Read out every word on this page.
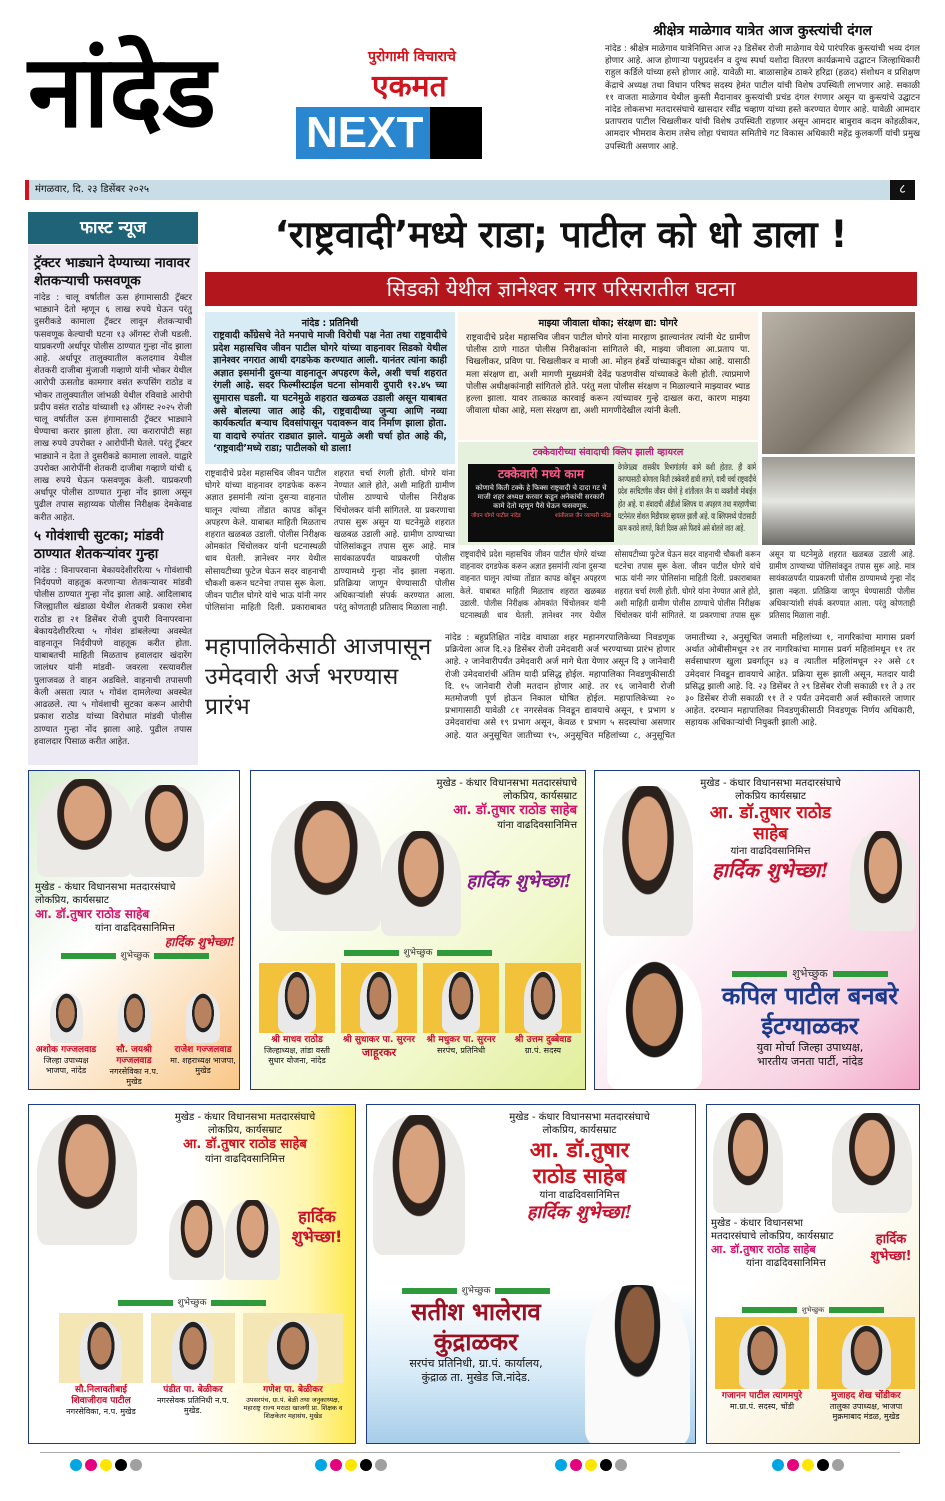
नांदेड	पुरोगामी विचाराचे
एकमत
NEXT
श्रीक्षेत्र माळेगाव यात्रेत आज कुस्त्यांची दंगल

नांदेड : श्रीक्षेत्र माळेगाव यात्रेनिमित्त आज २३ डिसेंबर रोजी माळेगाव येथे पारंपरिक कुस्त्यांची भव्य दंगल होणार आहे. आज होणाऱ्या पशुप्रदर्शन व दुग्ध स्पर्धा यशोदा वितरण कार्यक्रमाचे उद्घाटन जिल्हाधिकारी राहुल कर्डिले यांच्या हस्ते होणार आहे. यावेळी मा. बाळासाहेब ठाकरे हरिद्रा (हळद) संशोधन व प्रशिक्षण केंद्राचे अध्यक्ष तथा विधान परिषद सदस्य हेमंत पाटील यांची विशेष उपस्थिती लाभणार आहे. सकाळी ११ वाजता माळेगाव येथील कुस्ती मैदानावर कुस्त्यांची प्रचंड दंगल रंगणार असून या कुस्त्यांचे उद्घाटन नांदेड लोकसभा मतदारसंघाचे खासदार रवींद्र चव्हाण यांच्या हस्ते करण्यात येणार आहे. यावेळी आमदार प्रतापराव पाटील चिखलीकर यांची विशेष उपस्थिती राहणार असून आमदार बाबुराव कदम कोहळीकर, आमदार भीमराव केराम तसेच लोहा पंचायत समितीचे गट विकास अधिकारी महेंद्र कुलकर्णी यांची प्रमुख उपस्थिती असणार आहे.

मंगळवार, दि. २३ डिसेंबर २०२५	८
फास्ट न्यूज
ट्रॅक्टर भाड्याने देण्याच्या नावावर शेतकऱ्याची फसवणूक

नांदेड : चालू वर्षातील ऊस हंगामासाठी ट्रॅक्टर भाड्याने देतो म्हणून ६ लाख रुपये घेऊन परंतु दुसरीकडे कामाला ट्रॅक्टर लावून शेतकऱ्याची फसवणूक केल्याची घटना १३ ऑगस्ट रोजी घडली. याप्रकरणी अर्धापूर पोलीस ठाण्यात गुन्हा नोंद झाला आहे. अर्धापूर तालुक्यातील कलदगाव येथील शेतकरी दाजीबा मुंजाजी गव्हाणे यांनी भोकर येथील आरोपी ऊसतोड कामगार वसंत रूपसिंग राठोड व भोकर तालुक्यातील जांभळी येथील रविवाडे आरोपी प्रदीप वसंत राठोड यांच्याशी १३ ऑगस्ट २०२५ रोजी चालू वर्षातील ऊस हंगामासाठी ट्रॅक्टर भाड्याने घेण्याचा करार झाला होता. त्या करारापोटी सहा लाख रुपये उपरोक्त २ आरोपींनी घेतले. परंतु ट्रॅक्टर भाड्याने न देता ते दुसरीकडे कामाला लावले. याद्वारे उपरोक्त आरोपींनी शेतकरी दाजीबा गव्हाणे यांची ६ लाख रुपये घेऊन फसवणूक केली. याप्रकरणी अर्धापूर पोलीस ठाण्यात गुन्हा नोंद झाला असून पुढील तपास सहाय्यक पोलीस निरीक्षक देमकेवाड करीत आहेत.

५ गोवंशाची सुटका; मांडवी ठाण्यात शेतकऱ्यांवर गुन्हा

नांदेड : विनापरवाना बेकायदेशीररित्या ५ गोवंशाची निर्दयपणे वाहतूक करणाऱ्या शेतकऱ्यावर मांडवी पोलीस ठाण्यात गुन्हा नोंद झाला आहे. आदिलाबाद जिल्ह्यातील खंडाळा येथील शेतकरी प्रकाश रमेश राठोड हा २१ डिसेंबर रोजी दुपारी विनापरवाना बेकायदेशीररित्या ५ गोवंश डांबलेल्या अवस्थेत वाहनातून निर्दयीपणे वाहतूक करीत होता. याबाबतची माहिती मिळताच हवालदार खंदारेंग जालंधर यांनी मांडवी- जवरला रस्त्यावरील पुलाजवळ ते वाहन अडविले. वाहनाची तपासणी केली असता त्यात ५ गोवंश दामलेल्या अवस्थेत आढळले. त्या ५ गोवंशाची सुटका करून आरोपी प्रकाश राठोड यांच्या विरोधात मांडवी पोलीस ठाण्यात गुन्हा नोंद झाला आहे. पुढील तपास हवालदार पिसाळ करीत आहेत.

‘राष्ट्रवादी’मध्ये राडा; पाटील को धो डाला !
सिडको येथील ज्ञानेश्वर नगर परिसरातील घटना
नांदेड : प्रतिनिधी

राष्ट्रवादी काँग्रेसचे नेते मनपाचे माजी विरोधी पक्ष नेता तथा राष्ट्रवादीचे प्रदेश महासचिव जीवन पाटील घोगरे यांच्या वाहनावर सिडको येथील ज्ञानेश्वर नगरात आधी दगडफेक करण्यात आली. यानंतर त्यांना काही अज्ञात इसमांनी दुसऱ्या वाहनातून अपहरण केले, अशी चर्चा शहरात रंगली आहे. सदर फिल्मीस्टाईल घटना सोमवारी दुपारी १२.४५ च्या सुमारास घडली. या घटनेमुळे शहरात खळबळ उडाली असून याबाबत असे बोलल्या जात आहे की, राष्ट्रवादीच्या जुन्या आणि नव्या कार्यकर्त्यात बऱ्याच दिवसांपासून पदावरून वाद निर्माण झाला होता. या वादाचे रुपांतर राड्यात झाले. यामुळे अशी चर्चा होत आहे की, ‘राष्ट्रवादी’मध्ये राडा; पाटीलको धो डाला!

माझ्या जीवाला धोका; संरक्षण द्या: घोगरे

राष्ट्रवादीचे प्रदेश महासचिव जीवन पाटील घोगरे यांना मारहाण झाल्यानंतर त्यांनी थेट ग्रामीण पोलीस ठाणे गाठत पोलीस निरीक्षकांना सांगितले की, माझ्या जीवाला आ.प्रताप पा. चिखलीकर, प्रविण पा. चिखलीकर व माजी आ. मोहन हंबर्डे यांच्याकडून धोका आहे. यासाठी मला संरक्षण द्या, अशी मागणी मुख्यमंत्री देवेंद्र फडणवीस यांच्याकडे केली होती. त्याप्रमाणे पोलीस अधीक्षकांनाही सांगितले होते. परंतु मला पोलीस संरक्षण न मिळाल्याने माझ्यावर भ्याड हल्ला झाला. यावर तात्काळ कारवाई करून त्यांच्यावर गुन्हे दाखल करा, कारण माझ्या जीवाला धोका आहे, मला संरक्षण द्या, अशी मागणीदेखील त्यांनी केली.

टक्केवारीच्या संवादाची क्लिप झाली व्हायरल
टक्केवारी मध्ये काम
कोणाचे किती टक्के हे फिक्स राष्ट्रवादी चे दादा गट चे माजी शहर अध्यक्ष करवार कडून अनेकांची सरकारी कामे देतो म्हणून पैसे घेऊन फसवणूक.
जीवन घोगरे पाटील नांदेड	शांतीलाल जैन व्यापारी नांदेड

वेगवेगळ्या शासकीय विभागांतर्गत कामे कशी होतात. ही कामे करण्यासाठी कोणाला किती टक्केवारी द्यावी लागते, याची चर्चा राष्ट्रवादीचे प्रदेश सरचिटणीस जीवन घोगरे हे शांतीलाल जैन या व्यक्तीशी मोबाईल होत आहे. या संवादाची ऑडीओ क्लिपच या अपहरण तथा मारहाणीच्या घटनेनंतर सोशल मिडीयावर व्हायरल झाली आहे. या क्लिपमध्ये पोटासाठी काम करावे लागते, किती दिवस असे फिरावे असे बोलले जात आहे.

राष्ट्रवादीचे प्रदेश महासचिव जीवन पाटील घोगरे यांच्या वाहनावर दगडफेक करून अज्ञात इसमांनी त्यांना दुसऱ्या वाहनात घालून त्यांच्या तोंडात कापड कोंबून अपहरण केले. याबाबत माहिती मिळताच शहरात खळबळ उडाली. पोलीस निरीक्षक ओमकांत चिंचोलकर यांनी घटनास्थळी धाव घेतली. ज्ञानेश्वर नगर येथील सोसायटीच्या फुटेज घेऊन सदर वाहनाची चौकशी करून घटनेचा तपास सुरू केला. जीवन पाटील घोगरे यांचे भाऊ यांनी नगर पोलिसांना माहिती दिली. प्रकाराबाबत शहरात चर्चा रंगली होती. घोगरे यांना नेण्यात आले होते, अशी माहिती ग्रामीण पोलीस ठाण्याचे पोलीस निरीक्षक चिंचोलकर यांनी सांगितले. या प्रकरणाचा तपास सुरू असून या घटनेमुळे शहरात खळबळ उडाली आहे. ग्रामीण ठाण्याच्या पोलिसांकडून तपास सुरू आहे. मात्र सायंकाळपर्यंत याप्रकरणी पोलीस ठाण्यामध्ये गुन्हा नोंद झाला नव्हता. प्रतिक्रिया जाणून घेण्यासाठी पोलीस अधिकाऱ्यांशी संपर्क करण्यात आला. परंतु कोणताही प्रतिसाद मिळाला नाही.

राष्ट्रवादीचे प्रदेश महासचिव जीवन पाटील घोगरे यांच्या वाहनावर दगडफेक करून अज्ञात इसमांनी त्यांना दुसऱ्या वाहनात घालून त्यांच्या तोंडात कापड कोंबून अपहरण केले. याबाबत माहिती मिळताच शहरात खळबळ उडाली. पोलीस निरीक्षक ओमकांत चिंचोलकर यांनी घटनास्थळी धाव घेतली. ज्ञानेश्वर नगर येथील सोसायटीच्या फुटेज घेऊन सदर वाहनाची चौकशी करून घटनेचा तपास सुरू केला. जीवन पाटील घोगरे यांचे भाऊ यांनी नगर पोलिसांना माहिती दिली. प्रकाराबाबत शहरात चर्चा रंगली होती. घोगरे यांना नेण्यात आले होते, अशी माहिती ग्रामीण पोलीस ठाण्याचे पोलीस निरीक्षक चिंचोलकर यांनी सांगितले. या प्रकरणाचा तपास सुरू असून या घटनेमुळे शहरात खळबळ उडाली आहे. ग्रामीण ठाण्याच्या पोलिसांकडून तपास सुरू आहे. मात्र सायंकाळपर्यंत याप्रकरणी पोलीस ठाण्यामध्ये गुन्हा नोंद झाला नव्हता. प्रतिक्रिया जाणून घेण्यासाठी पोलीस अधिकाऱ्यांशी संपर्क करण्यात आला. परंतु कोणताही प्रतिसाद मिळाला नाही.

महापालिकेसाठी आजपासून उमेदवारी अर्ज भरण्यास प्रारंभ

नांदेड : बहुप्रतिक्षित नांदेड वाघाळा शहर महानगरपालिकेच्या निवडणूक प्रक्रियेला आज दि.२३ डिसेंबर रोजी उमेदवारी अर्ज भरण्याच्या प्रारंभ होणार आहे. २ जानेवारीपर्यंत उमेदवारी अर्ज मागे घेता येणार असून दि ३ जानेवारी रोजी उमेदवारांची अंतिम यादी प्रसिद्ध होईल. महापालिका निवडणुकीसाठी दि. १५ जानेवारी रोजी मतदान होणार आहे. तर १६ जानेवारी रोजी मतमोजणी पूर्ण होऊन निकाल घोषित होईल. महापालिकेच्या २० प्रभागासाठी यावेळी ८१ नगरसेवक निवडून द्यावयाचे असून, १ प्रभाग ४ उमेदवारांचा असे १९ प्रभाग असून, केवळ १ प्रभाग ५ सदस्यांचा असणार आहे. यात अनुसूचित जातीच्या १५, अनुसूचित महिलांच्या ८, अनुसूचित जमातीच्या २, अनुसूचित जमाती महिलांच्या १, नागरिकांचा मागास प्रवर्ग अर्थात ओबीसीमधून २१ तर नागरिकांचा मागास प्रवर्ग महिलांमधून ११ तर सर्वसाधारण खुला प्रवर्गातून ४३ व त्यातील महिलांमधून २२ असे ८१ उमेदवार निवडून द्यावयाचे आहेत. प्रक्रिया सुरू झाली असून, मतदार यादी प्रसिद्ध झाली आहे. दि. २३ डिसेंबर ते २९ डिसेंबर रोजी सकाळी ११ ते ३ तर ३० डिसेंबर रोजी सकाळी ११ ते २ पर्यंत उमेदवारी अर्ज स्वीकारले जाणार आहेत. दरम्यान महापालिका निवडणुकीसाठी निवडणूक निर्णय अधिकारी, सहायक अधिकाऱ्यांची नियुक्ती झाली आहे.

मुखेड - कंधार विधानसभा मतदारसंघाचे
लोकप्रिय, कार्यसम्राट
आ. डॉ.तुषार राठोड साहेब
यांना वाढदिवसानिमित्त
हार्दिक शुभेच्छा!
शुभेच्छुक
अशोक गज्जलवाड
जिल्हा उपाध्यक्ष भाजपा, नांदेड
सौ. जयश्री गज्जलवाड
नगरसेविका न.प. मुखेड
राजेश गज्जलवाड
मा. शहराध्यक्ष भाजपा, मुखेड
मुखेड - कंधार विधानसभा मतदारसंघाचे
लोकप्रिय, कार्यसम्राट
आ. डॉ.तुषार राठोड साहेब
यांना वाढदिवसानिमित्त
हार्दिक शुभेच्छा!
शुभेच्छुक
श्री माधव राठोड
जिल्हाध्यक्ष, तांडा वस्ती सुधार योजना, नांदेड
श्री सुधाकर पा. सुरनर
जाहूरकर
श्री मधुकर पा. सुरनर
सरपंच, प्रतिनिधी
श्री उत्तम दुब्बेवाड
ग्रा.पं. सदस्य
मुखेड - कंधार विधानसभा मतदारसंघाचे
लोकप्रिय कार्यसम्राट
आ. डॉ.तुषार राठोड
साहेब
यांना वाढदिवसानिमित्त
हार्दिक शुभेच्छा!
शुभेच्छुक
कपिल पाटील बनबरे
ईटग्याळकर
युवा मोर्चा जिल्हा उपाध्यक्ष,
भारतीय जनता पार्टी, नांदेड
मुखेड - कंधार विधानसभा मतदारसंघाचे
लोकप्रिय, कार्यसम्राट
आ. डॉ.तुषार राठोड साहेब
यांना वाढदिवसानिमित्त
हार्दिक
शुभेच्छा!
शुभेच्छुक
सौ.निलावतीबाई शिवाजीराव पाटील
नगरसेविका, न.प. मुखेड
पंडीत पा. बेळीकर
नगरसेवक प्रतिनिधी न.प. मुखेड.
गणेश पा. बेळीकर
उपसरपंच, ग्रा.पं. बेळी तथा जनुकाध्यक्ष, महाराष्ट्र राज्य मराठा खाजगी प्रा. शिक्षक व शिक्षकेतर महासंघ, मुखेड
मुखेड - कंधार विधानसभा मतदारसंघाचे
लोकप्रिय, कार्यसम्राट
आ. डॉ.तुषार
राठोड साहेब
यांना वाढदिवसानिमित्त
हार्दिक शुभेच्छा!
शुभेच्छुक
सतीश भालेराव
कुंद्राळकर
सरपंच प्रतिनिधी, ग्रा.पं. कार्यालय,
कुंद्राळ ता. मुखेड जि.नांदेड.
मुखेड - कंधार विधानसभा
मतदारसंघाचे लोकप्रिय, कार्यसम्राट
आ. डॉ.तुषार राठोड साहेब
यांना वाढदिवसानिमित्त
हार्दिक
शुभेच्छा!
शुभेच्छुक
गजानन पाटील त्यागमपुरे
मा.ग्रा.पं. सदस्य, चोंडी
मुजाहद शेख चोंडीकर
तालुका उपाध्यक्ष, भाजपा मुक्रमाबाद मंडळ, मुखेड
